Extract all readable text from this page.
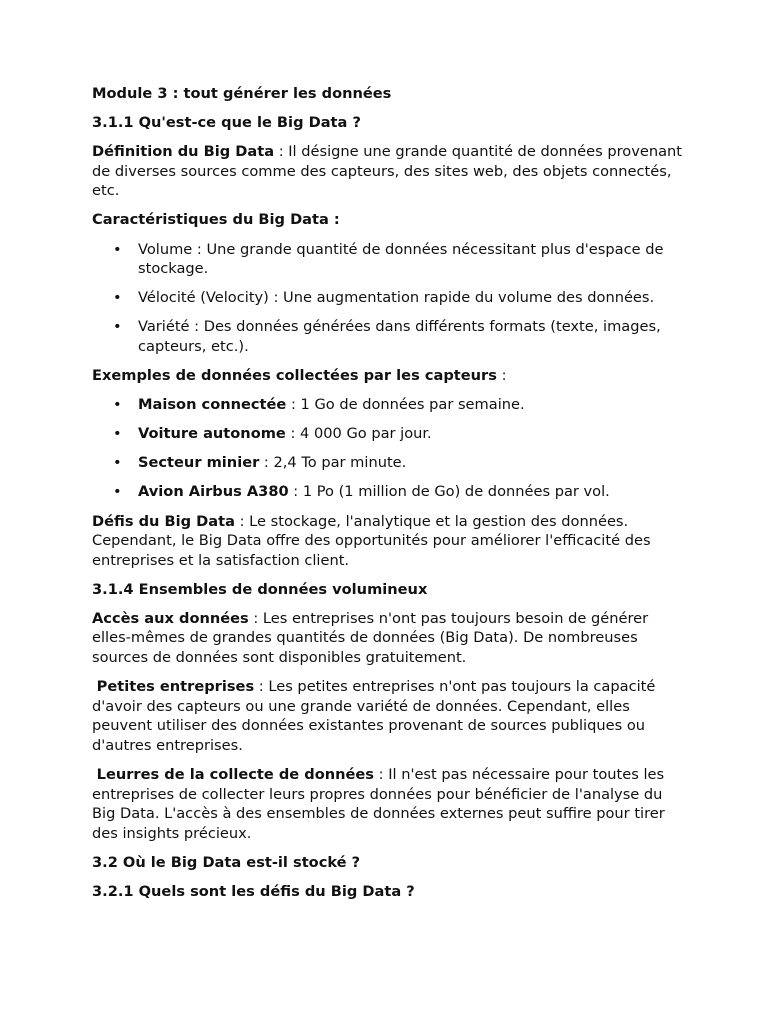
Module 3 : tout générer les données

3.1.1 Qu'est-ce que le Big Data ?

Définition du Big Data : Il désigne une grande quantité de données provenant de diverses sources comme des capteurs, des sites web, des objets connectés, etc.

Caractéristiques du Big Data :

• Volume : Une grande quantité de données nécessitant plus d'espace de stockage.
• Vélocité (Velocity) : Une augmentation rapide du volume des données.
• Variété : Des données générées dans différents formats (texte, images, capteurs, etc.).

Exemples de données collectées par les capteurs :

• Maison connectée : 1 Go de données par semaine.
• Voiture autonome : 4 000 Go par jour.
• Secteur minier : 2,4 To par minute.
• Avion Airbus A380 : 1 Po (1 million de Go) de données par vol.

Défis du Big Data : Le stockage, l'analytique et la gestion des données. Cependant, le Big Data offre des opportunités pour améliorer l'efficacité des entreprises et la satisfaction client.

3.1.4 Ensembles de données volumineux

Accès aux données : Les entreprises n'ont pas toujours besoin de générer elles-mêmes de grandes quantités de données (Big Data). De nombreuses sources de données sont disponibles gratuitement.

Petites entreprises : Les petites entreprises n'ont pas toujours la capacité d'avoir des capteurs ou une grande variété de données. Cependant, elles peuvent utiliser des données existantes provenant de sources publiques ou d'autres entreprises.

Leurres de la collecte de données : Il n'est pas nécessaire pour toutes les entreprises de collecter leurs propres données pour bénéficier de l'analyse du Big Data. L'accès à des ensembles de données externes peut suffire pour tirer des insights précieux.

3.2 Où le Big Data est-il stocké ?

3.2.1 Quels sont les défis du Big Data ?
